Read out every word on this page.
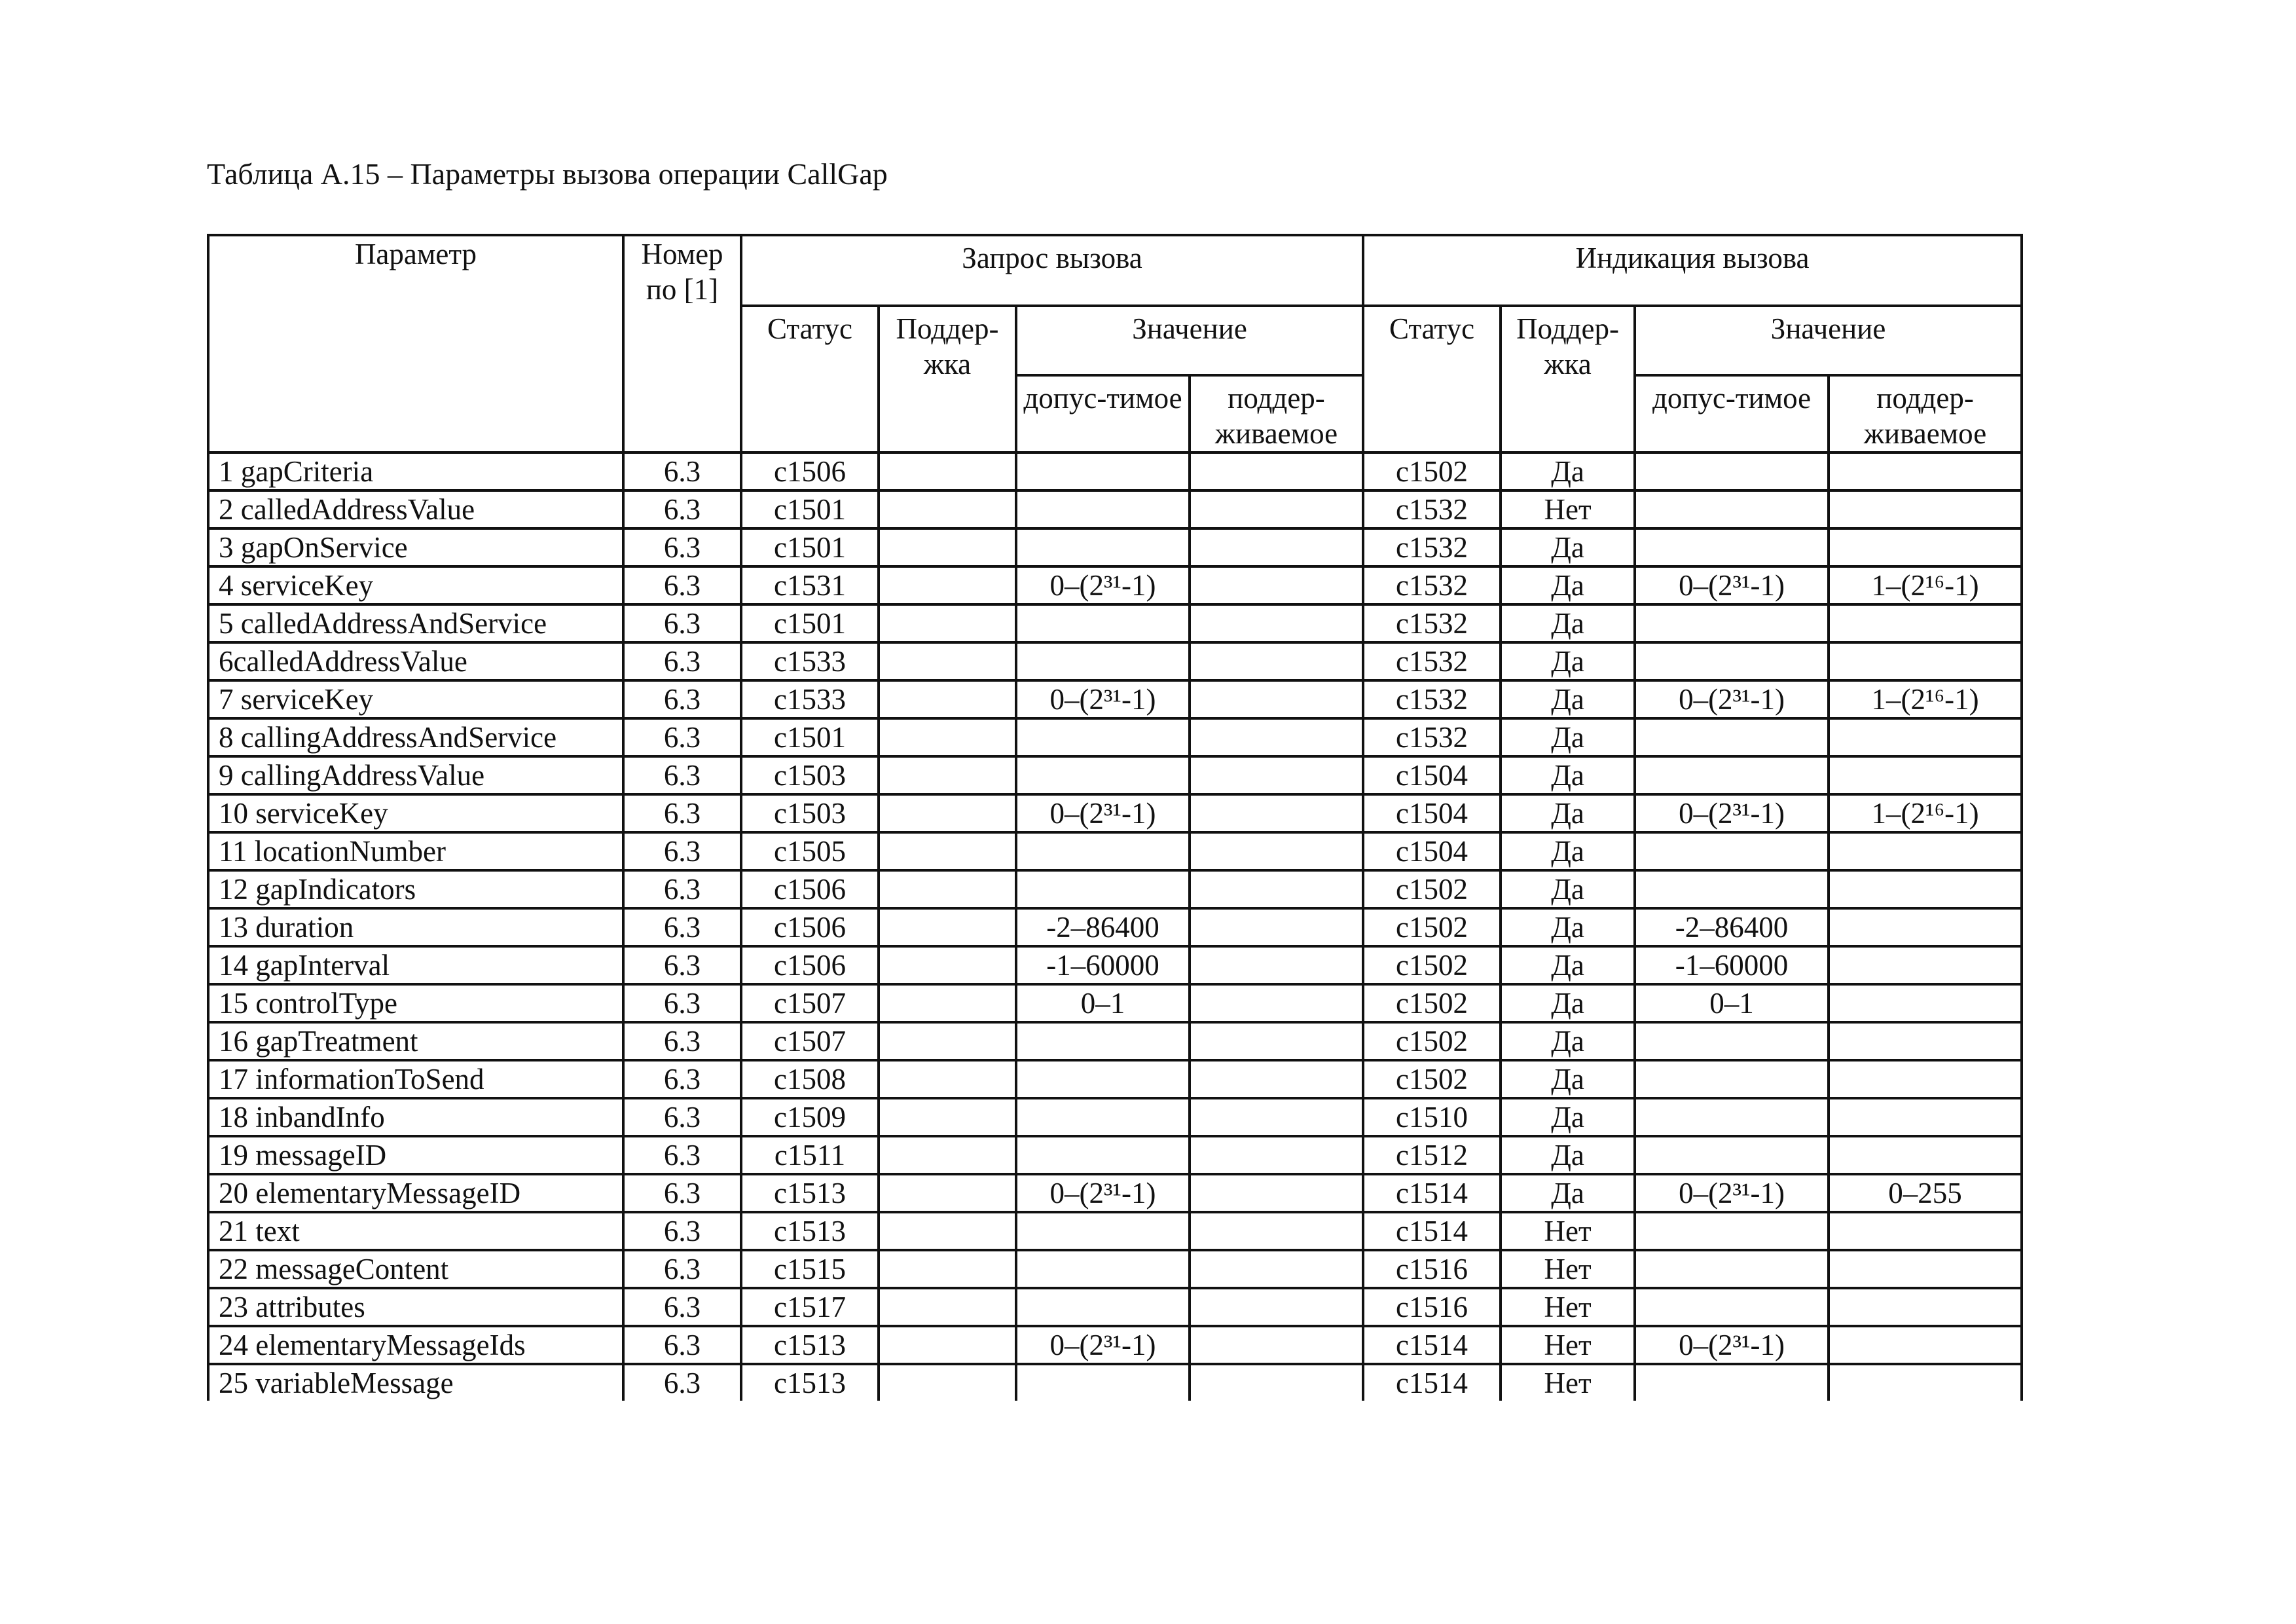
Таблица А.15 – Параметры вызова операции CallGap
Параметр	Номер по [1]	Запрос вызова				Индикация вызова			
		Статус	Поддер-жка	Значение		Статус	Поддер-жка	Значение	
				допус-тимое	поддер-живаемое			допус-тимое	поддер-живаемое
1 gapCriteria	6.3	c1506				c1502	Да		
2 calledAddressValue	6.3	c1501				c1532	Нет		
3 gapOnService	6.3	c1501				c1532	Да		
4 serviceKey	6.3	c1531		0–(2³¹-1)		c1532	Да	0–(2³¹-1)	1–(2¹⁶-1)
5 calledAddressAndService	6.3	c1501				c1532	Да		
6calledAddressValue	6.3	c1533				c1532	Да		
7 serviceKey	6.3	c1533		0–(2³¹-1)		c1532	Да	0–(2³¹-1)	1–(2¹⁶-1)
8 callingAddressAndService	6.3	c1501				c1532	Да		
9 callingAddressValue	6.3	c1503				c1504	Да		
10 serviceKey	6.3	c1503		0–(2³¹-1)		c1504	Да	0–(2³¹-1)	1–(2¹⁶-1)
11 locationNumber	6.3	c1505				c1504	Да		
12 gapIndicators	6.3	c1506				c1502	Да		
13 duration	6.3	c1506		-2–86400		c1502	Да	-2–86400	
14 gapInterval	6.3	c1506		-1–60000		c1502	Да	-1–60000	
15 controlType	6.3	c1507		0–1		c1502	Да	0–1	
16 gapTreatment	6.3	c1507				c1502	Да		
17 informationToSend	6.3	c1508				c1502	Да		
18 inbandInfo	6.3	c1509				c1510	Да		
19 messageID	6.3	c1511				c1512	Да		
20 elementaryMessageID	6.3	c1513		0–(2³¹-1)		c1514	Да	0–(2³¹-1)	0–255
21 text	6.3	c1513				c1514	Нет		
22 messageContent	6.3	c1515				c1516	Нет		
23 attributes	6.3	c1517				c1516	Нет		
24 elementaryMessageIds	6.3	c1513		0–(2³¹-1)		c1514	Нет	0–(2³¹-1)	
25 variableMessage	6.3	c1513				c1514	Нет		
